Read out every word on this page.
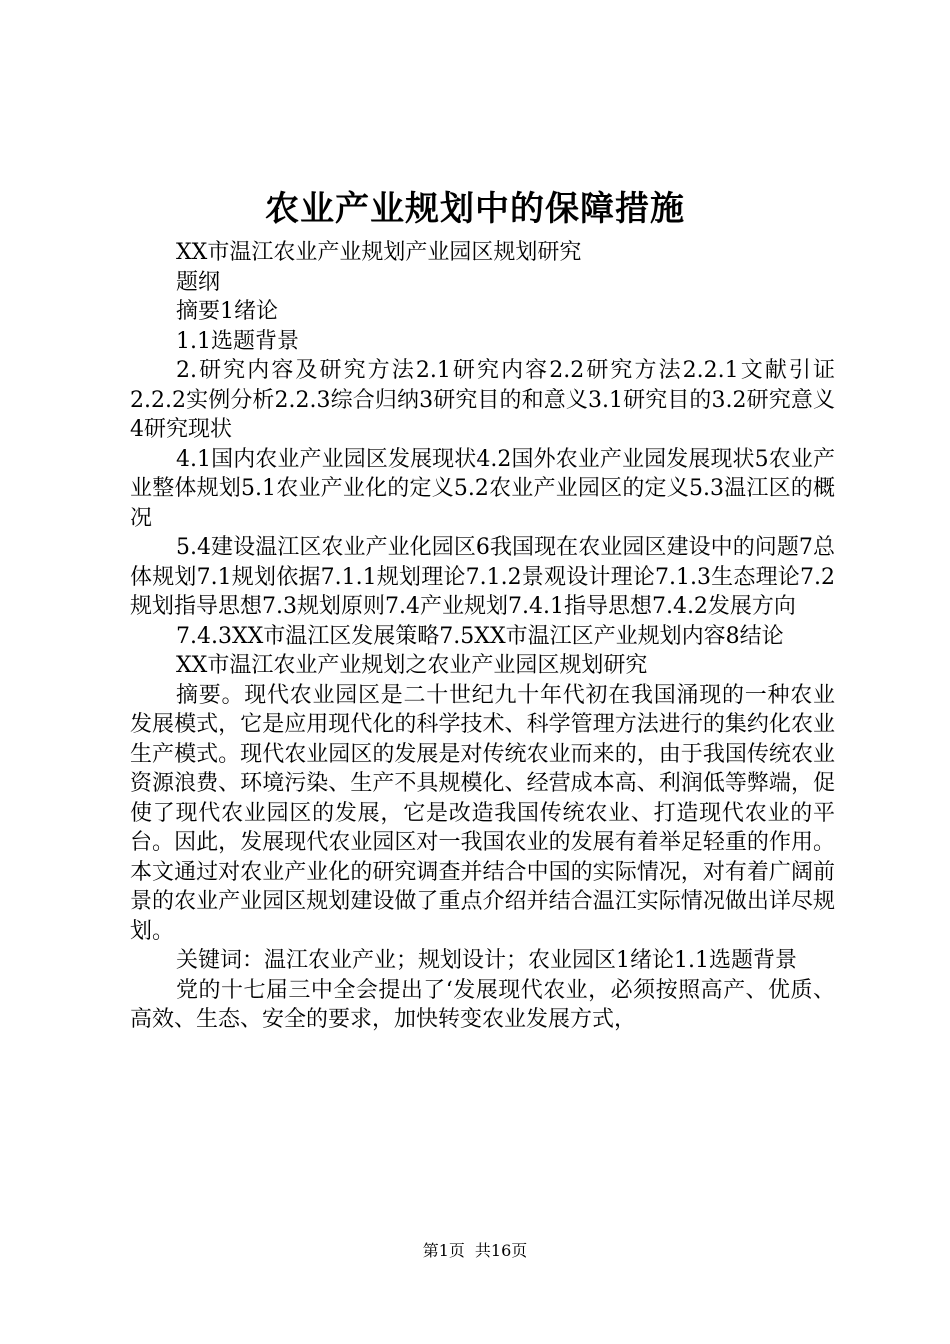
农业产业规划中的保障措施

XX市温江农业产业规划产业园区规划研究

题纲

摘要1绪论

1.1选题背景

2.研究内容及研究方法2.1研究内容2.2研究方法2.2.1文献引证2.2.2实例分析2.2.3综合归纳3研究目的和意义3.1研究目的3.2研究意义4研究现状

4.1国内农业产业园区发展现状4.2国外农业产业园发展现状5农业产业整体规划5.1农业产业化的定义5.2农业产业园区的定义5.3温江区的概况

5.4建设温江区农业产业化园区6我国现在农业园区建设中的问题7总体规划7.1规划依据7.1.1规划理论7.1.2景观设计理论7.1.3生态理论7.2规划指导思想7.3规划原则7.4产业规划7.4.1指导思想7.4.2发展方向

7.4.3XX市温江区发展策略7.5XX市温江区产业规划内容8结论

XX市温江农业产业规划之农业产业园区规划研究

摘要。现代农业园区是二十世纪九十年代初在我国涌现的一种农业发展模式，它是应用现代化的科学技术、科学管理方法进行的集约化农业生产模式。现代农业园区的发展是对传统农业而来的，由于我国传统农业资源浪费、环境污染、生产不具规模化、经营成本高、利润低等弊端，促使了现代农业园区的发展，它是改造我国传统农业、打造现代农业的平台。因此，发展现代农业园区对一我国农业的发展有着举足轻重的作用。本文通过对农业产业化的研究调查并结合中国的实际情况，对有着广阔前景的农业产业园区规划建设做了重点介绍并结合温江实际情况做出详尽规划。

关键词：温江农业产业；规划设计；农业园区1绪论1.1选题背景

党的十七届三中全会提出了‘发展现代农业，必须按照高产、优质、高效、生态、安全的要求，加快转变农业发展方式，

第1页 共16页
